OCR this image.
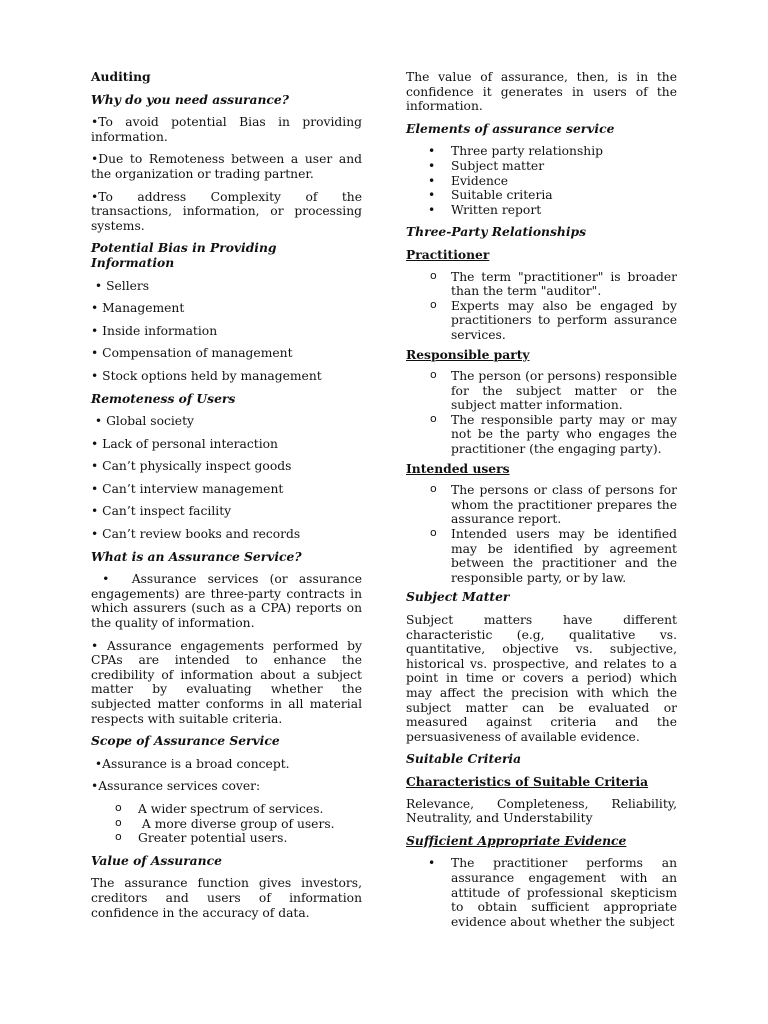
Auditing
Why do you need assurance?

•To avoid potential Bias in providing information.

•Due to Remoteness between a user and the organization or trading partner.

•To address Complexity of the transactions, information, or processing systems.

Potential Bias in Providing Information
• Sellers
• Management
• Inside information
• Compensation of management
• Stock options held by management
Remoteness of Users
• Global society
• Lack of personal interaction
• Can’t physically inspect goods
• Can’t interview management
• Can’t inspect facility
• Can’t review books and records
What is an Assurance Service?

•  Assurance services (or assurance engagements) are three-party contracts in which assurers (such as a CPA) reports on the quality of information.

• Assurance engagements performed by CPAs are intended to enhance the credibility of information about a subject matter by evaluating whether the subjected matter conforms in all material respects with suitable criteria.

Scope of Assurance Service
•Assurance is a broad concept.
•Assurance services cover:
o A wider spectrum of services.
o  A more diverse group of users.
o Greater potential users.
Value of Assurance

The assurance function gives investors, creditors and users of information confidence in the accuracy of data.

The value of assurance, then, is in the confidence it generates in users of the information.

Elements of assurance service
• Three party relationship
• Subject matter
• Evidence
• Suitable criteria
• Written report
Three-Party Relationships
Practitioner
o The term "practitioner" is broader than the term "auditor".
o Experts may also be engaged by practitioners to perform assurance services.
Responsible party
o The person (or persons) responsible for the subject matter or the subject matter information.
o The responsible party may or may not be the party who engages the practitioner (the engaging party).
Intended users
o The persons or class of persons for whom the practitioner prepares the assurance report.
o Intended users may be identified may be identified by agreement between the practitioner and the responsible party, or by law.
Subject Matter

Subject matters have different characteristic (e.g, qualitative vs. quantitative, objective vs. subjective, historical vs. prospective, and relates to a point in time or covers a period) which may affect the precision with which the subject matter can be evaluated or measured against criteria and the persuasiveness of available evidence.

Suitable Criteria
Characteristics of Suitable Criteria

Relevance, Completeness, Reliability, Neutrality, and Understability

Sufficient Appropriate Evidence
• The practitioner performs an assurance engagement with an attitude of professional skepticism to obtain sufficient appropriate evidence about whether the subject
